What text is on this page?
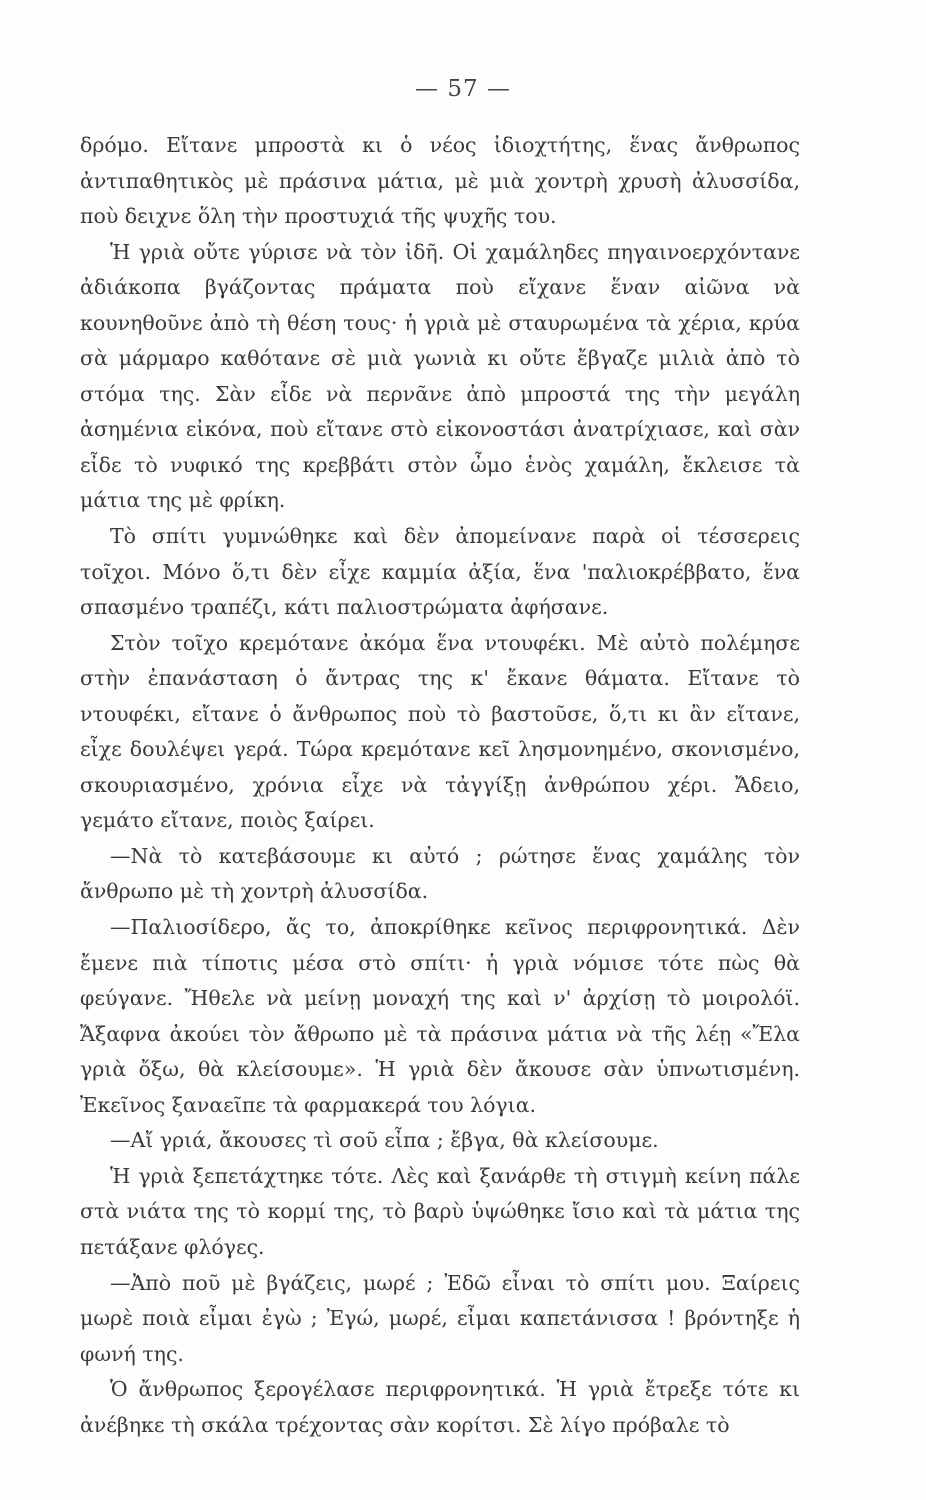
— 57 —

δρόμο. Εἴτανε μπροστὰ κι ὁ νέος ἰδιοχτήτης, ἕνας ἄνθρωπος ἀντιπαθητικὸς μὲ πράσινα μάτια, μὲ μιὰ χοντρὴ χρυσὴ ἀλυσσίδα, ποὺ δειχνε ὅλη τὴν προστυχιά τῆς ψυχῆς του.

Ἡ γριὰ οὔτε γύρισε νὰ τὸν ἰδῆ. Οἱ χαμάληδες πηγαινοερχόντανε ἀδιάκοπα βγάζοντας πράματα ποὺ εἴχανε ἕναν αἰῶνα νὰ κουνηθοῦνε ἀπὸ τὴ θέση τους· ἡ γριὰ μὲ σταυρωμένα τὰ χέρια, κρύα σὰ μάρμαρο καθότανε σὲ μιὰ γωνιὰ κι οὔτε ἔβγαζε μιλιὰ ἀπὸ τὸ στόμα της. Σὰν εἶδε νὰ περνᾶνε ἀπὸ μπροστά της τὴν μεγάλη ἀσημένια εἰκόνα, ποὺ εἴτανε στὸ εἰκονοστάσι ἀνατρίχιασε, καὶ σὰν εἶδε τὸ νυφικό της κρεββάτι στὸν ὦμο ἑνὸς χαμάλη, ἔκλεισε τὰ μάτια της μὲ φρίκη.

Τὸ σπίτι γυμνώθηκε καὶ δὲν ἀπομείνανε παρὰ οἱ τέσσερεις τοῖχοι. Μόνο ὅ,τι δὲν εἶχε καμμία ἀξία, ἕνα 'παλιοκρέββατο, ἕνα σπασμένο τραπέζι, κάτι παλιοστρώματα ἀφήσανε.

Στὸν τοῖχο κρεμότανε ἀκόμα ἕνα ντουφέκι. Μὲ αὐτὸ πολέμησε στὴν ἐπανάσταση ὁ ἄντρας της κ' ἔκανε θάματα. Εἴτανε τὸ ντουφέκι, εἴτανε ὁ ἄνθρωπος ποὺ τὸ βαστοῦσε, ὅ,τι κι ἂν εἴτανε, εἶχε δουλέψει γερά. Τώρα κρεμότανε κεῖ λησμονημένο, σκονισμένο, σκουριασμένο, χρόνια εἶχε νὰ τἀγγίξῃ ἀνθρώπου χέρι. Ἄδειο, γεμάτο εἴτανε, ποιὸς ξαίρει.

—Νὰ τὸ κατεβάσουμε κι αὐτό ; ρώτησε ἕνας χαμάλης τὸν ἄνθρωπο μὲ τὴ χοντρὴ ἀλυσσίδα.

—Παλιοσίδερο, ἄς το, ἀποκρίθηκε κεῖνος περιφρονητικά. Δὲν ἔμενε πιὰ τίποτις μέσα στὸ σπίτι· ἡ γριὰ νόμισε τότε πὼς θὰ φεύγανε. Ἤθελε νὰ μείνῃ μοναχή της καὶ ν' ἀρχίσῃ τὸ μοιρολόϊ. Ἄξαφνα ἀκούει τὸν ἄθρωπο μὲ τὰ πράσινα μάτια νὰ τῆς λέῃ «Ἔλα γριὰ ὄξω, θὰ κλείσουμε». Ἡ γριὰ δὲν ἄκουσε σὰν ὑπνωτισμένη. Ἐκεῖνος ξαναεῖπε τὰ φαρμακερά του λόγια.

—Αἴ γριά, ἄκουσες τὶ σοῦ εἶπα ; ἔβγα, θὰ κλείσουμε.

Ἡ γριὰ ξεπετάχτηκε τότε. Λὲς καὶ ξανάρθε τὴ στιγμὴ κείνη πάλε στὰ νιάτα της τὸ κορμί της, τὸ βαρὺ ὑψώθηκε ἴσιο καὶ τὰ μάτια της πετάξανε φλόγες.

—Ἀπὸ ποῦ μὲ βγάζεις, μωρέ ; Ἐδῶ εἶναι τὸ σπίτι μου. Ξαίρεις μωρὲ ποιὰ εἶμαι ἐγὼ ; Ἐγώ, μωρέ, εἶμαι καπετάνισσα ! βρόντηξε ἡ φωνή της.

Ὁ ἄνθρωπος ξερογέλασε περιφρονητικά. Ἡ γριὰ ἔτρεξε τότε κι ἀνέβηκε τὴ σκάλα τρέχοντας σὰν κορίτσι. Σὲ λίγο πρόβαλε τὸ
